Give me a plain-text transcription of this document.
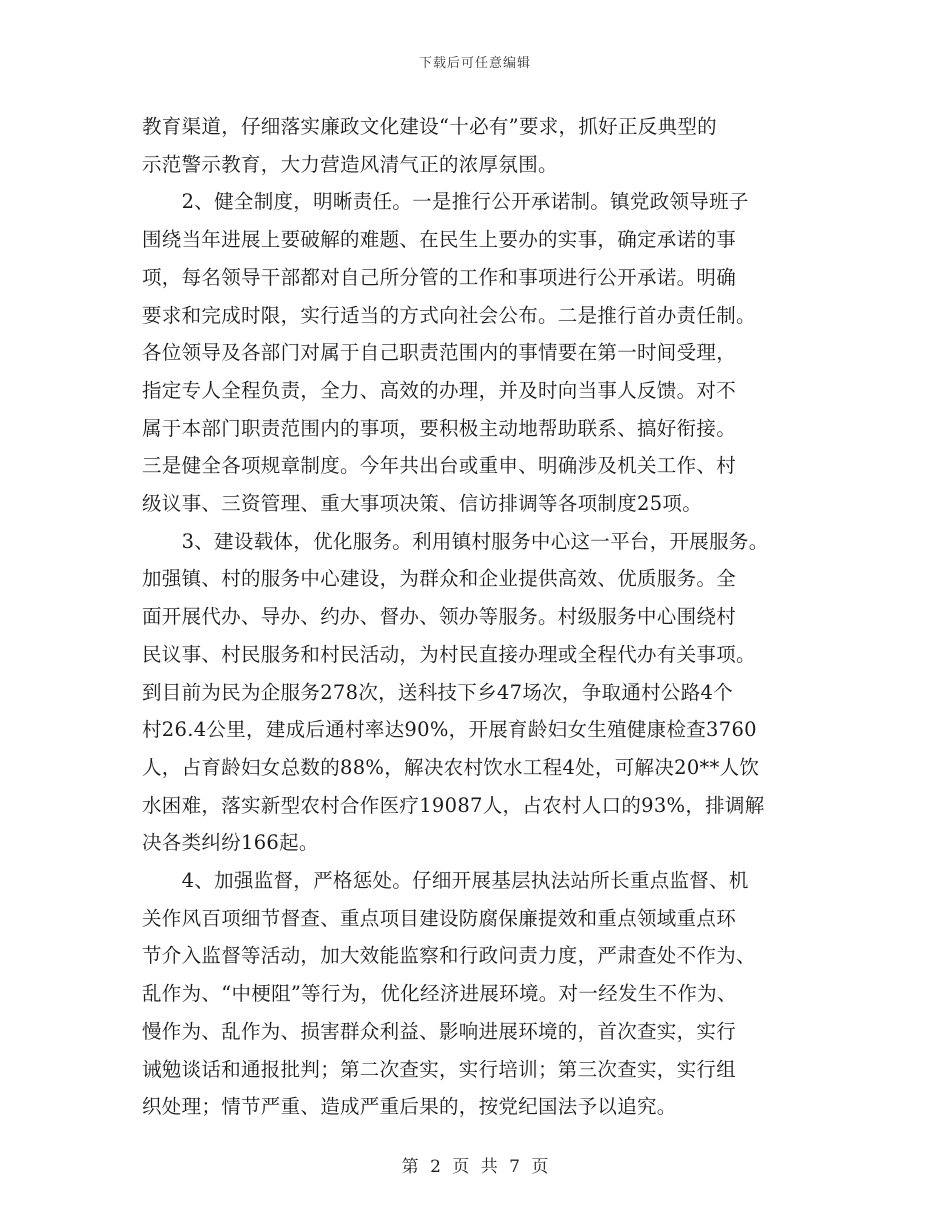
下载后可任意编辑
教育渠道，仔细落实廉政文化建设“十必有”要求，抓好正反典型的
示范警示教育，大力营造风清气正的浓厚氛围。
　　2、健全制度，明晰责任。一是推行公开承诺制。镇党政领导班子
围绕当年进展上要破解的难题、在民生上要办的实事，确定承诺的事
项，每名领导干部都对自己所分管的工作和事项进行公开承诺。明确
要求和完成时限，实行适当的方式向社会公布。二是推行首办责任制。
各位领导及各部门对属于自己职责范围内的事情要在第一时间受理，
指定专人全程负责，全力、高效的办理，并及时向当事人反馈。对不
属于本部门职责范围内的事项，要积极主动地帮助联系、搞好衔接。
三是健全各项规章制度。今年共出台或重申、明确涉及机关工作、村
级议事、三资管理、重大事项决策、信访排调等各项制度25项。
　　3、建设载体，优化服务。利用镇村服务中心这一平台，开展服务。
加强镇、村的服务中心建设，为群众和企业提供高效、优质服务。全
面开展代办、导办、约办、督办、领办等服务。村级服务中心围绕村
民议事、村民服务和村民活动，为村民直接办理或全程代办有关事项。
到目前为民为企服务278次，送科技下乡47场次，争取通村公路4个
村26.4公里，建成后通村率达90%，开展育龄妇女生殖健康检查3760
人，占育龄妇女总数的88%，解决农村饮水工程4处，可解决20**人饮
水困难，落实新型农村合作医疗19087人，占农村人口的93%，排调解
决各类纠纷166起。
　　4、加强监督，严格惩处。仔细开展基层执法站所长重点监督、机
关作风百项细节督查、重点项目建设防腐保廉提效和重点领域重点环
节介入监督等活动，加大效能监察和行政问责力度，严肃查处不作为、
乱作为、“中梗阻”等行为，优化经济进展环境。对一经发生不作为、
慢作为、乱作为、损害群众利益、影响进展环境的，首次查实，实行
诫勉谈话和通报批判；第二次查实，实行培训；第三次查实，实行组
织处理；情节严重、造成严重后果的，按党纪国法予以追究。
第 2 页 共 7 页
